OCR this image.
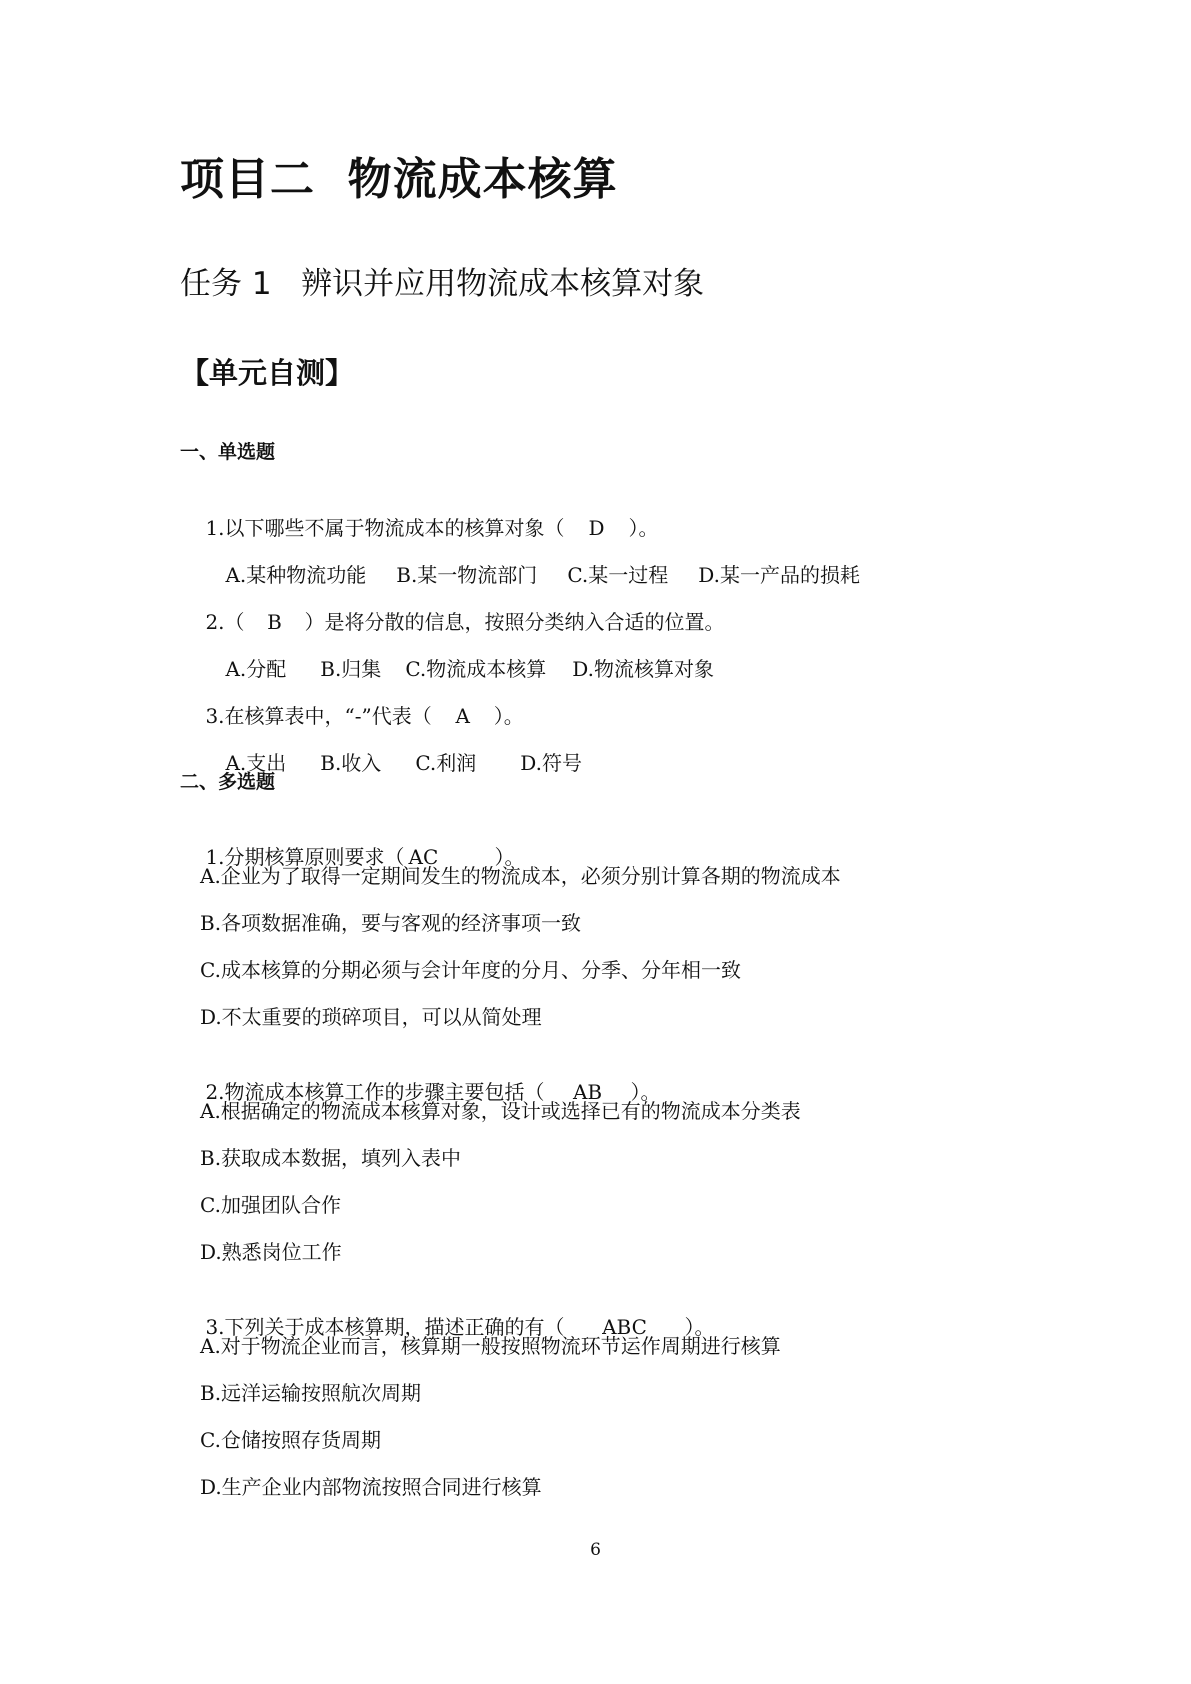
项目二  物流成本核算
任务 1   辨识并应用物流成本核算对象
【单元自测】
一、单选题

1.以下哪些不属于物流成本的核算对象（ D ）。

A.某种物流功能 B.某一物流部门 C.某一过程 D.某一产品的损耗

2.（ B ）是将分散的信息，按照分类纳入合适的位置。

A.分配 B.归集 C.物流成本核算 D.物流核算对象

3.在核算表中，“-”代表（ A ）。

A.支出 B.收入 C.利润 D.符号

二、多选题

1.分期核算原则要求（ AC	）。

A.企业为了取得一定期间发生的物流成本，必须分别计算各期的物流成本
B.各项数据准确，要与客观的经济事项一致
C.成本核算的分期必须与会计年度的分月、分季、分年相一致
D.不太重要的琐碎项目，可以从简处理

2.物流成本核算工作的步骤主要包括（ AB ）。

A.根据确定的物流成本核算对象，设计或选择已有的物流成本分类表
B.获取成本数据，填列入表中
C.加强团队合作
D.熟悉岗位工作

3.下列关于成本核算期，描述正确的有（ ABC ）。

A.对于物流企业而言，核算期一般按照物流环节运作周期进行核算
B.远洋运输按照航次周期
C.仓储按照存货周期
D.生产企业内部物流按照合同进行核算
6
